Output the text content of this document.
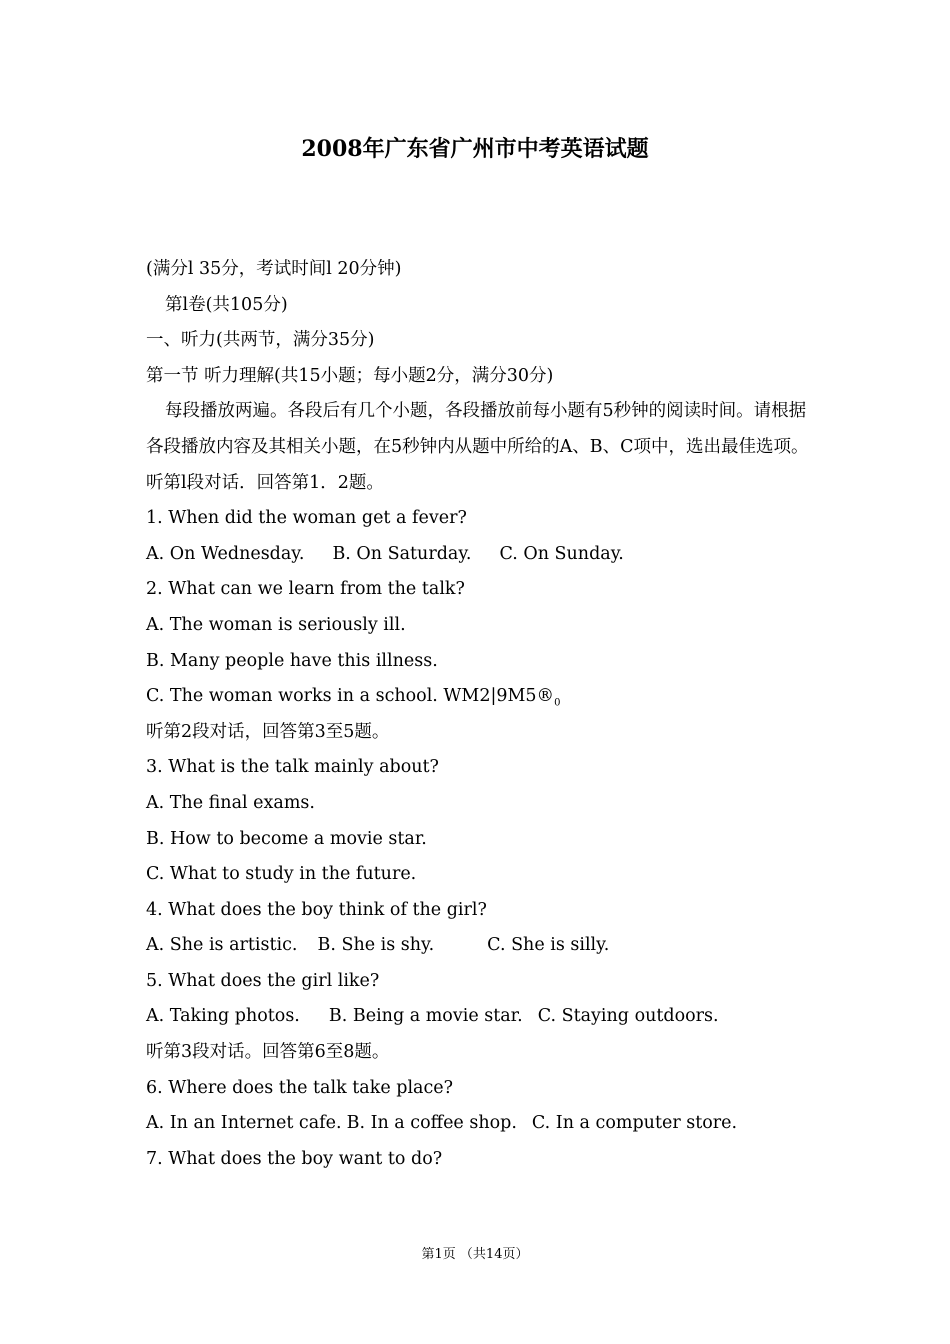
2008年广东省广州市中考英语试题
(满分l 35分，考试时间l 20分钟)
第l卷(共105分)
一、听力(共两节，满分35分)
第一节 听力理解(共15小题；每小题2分，满分30分)
每段播放两遍。各段后有几个小题，各段播放前每小题有5秒钟的阅读时间。请根据各段播放内容及其相关小题，在5秒钟内从题中所给的A、B、C项中，选出最佳选项。
听第l段对话．回答第1．2题。
1. When did the woman get a fever?
A. On Wednesday. B. On Saturday. C. On Sunday.
2. What can we learn from the talk?
A. The woman is seriously ill.
B. Many people have this illness.
C. The woman works in a school. $WM2|9M5®_0$
听第2段对话，回答第3至5题。
3. What is the talk mainly about?
A. The final exams.
B. How to become a movie star.
C. What to study in the future.
4. What does the boy think of the girl?
A. She is artistic. B. She is shy.	C. She is silly.
5. What does the girl like?
A. Taking photos. B. Being a movie star. C. Staying outdoors.
听第3段对话。回答第6至8题。
6. Where does the talk take place?
A. In an Internet cafe. B. In a coffee shop. C. In a computer store.
7. What does the boy want to do?
第1页 （共14页）
